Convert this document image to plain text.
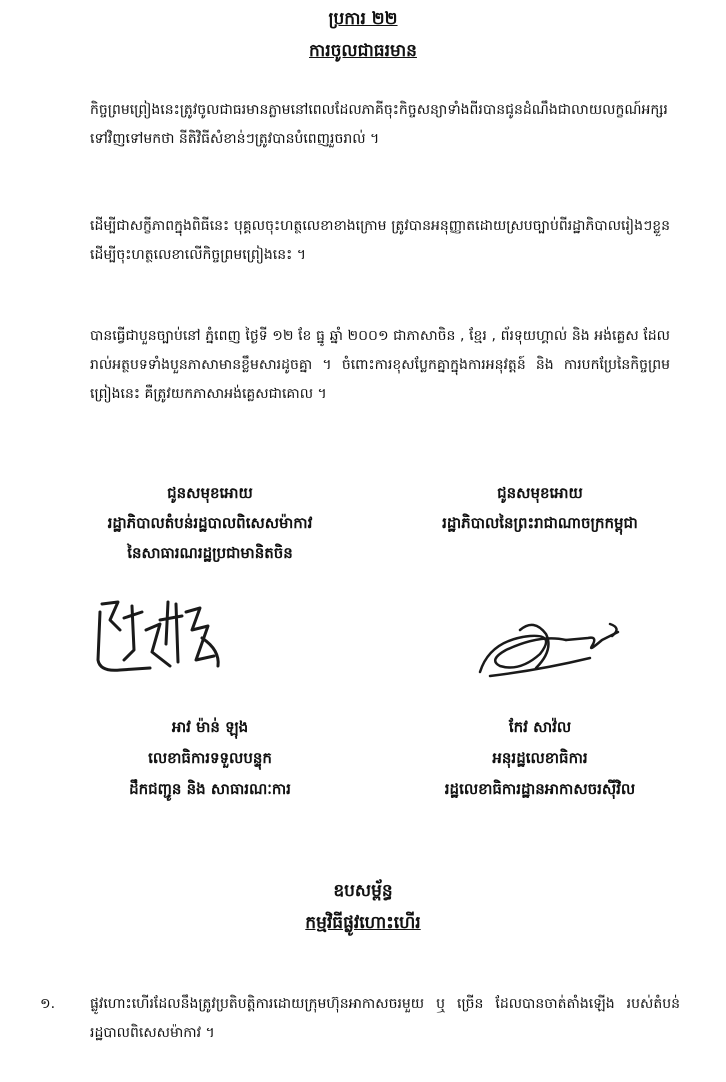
ប្រការ ២២
ការចូលជាធរមាន
កិច្ចព្រមព្រៀងនេះត្រូវចូលជាធរមានភ្លាមនៅពេលដែលភាគីចុះកិច្ចសន្យាទាំងពីរបានជូនដំណឹងជាលាយលក្ខណ៍អក្សរទៅវិញទៅមកថា នីតិវិធីសំខាន់ៗត្រូវបានបំពេញរួចរាល់ ។
ដើម្បីជាសក្ខីភាពក្នុងពិធីនេះ បុគ្គលចុះហត្ថលេខាខាងក្រោម ត្រូវបានអនុញ្ញាតដោយស្របច្បាប់ពីរដ្ឋាភិបាលរៀងៗខ្លួន ដើម្បីចុះហត្ថលេខាលើកិច្ចព្រមព្រៀងនេះ ។
បានធ្វើជាបួនច្បាប់នៅ ភ្នំពេញ ថ្ងៃទី ១២ ខែ ធ្នូ ឆ្នាំ ២០០១ ជាភាសាចិន , ខ្មែរ , ព័រទុយហ្គាល់ និង អង់គ្លេស ដែលរាល់អត្ថបទទាំងបួនភាសាមានខ្លឹមសារដូចគ្នា ។ ចំពោះការខុសប្លែកគ្នាក្នុងការអនុវត្តន៍ និង ការបកប្រែនៃកិច្ចព្រមព្រៀងនេះ គឺត្រូវយកភាសាអង់គ្លេសជាគោល ។
ជូនសមុខអោយ
រដ្ឋាភិបាលតំបន់រដ្ឋបាលពិសេសម៉ាកាវ
នៃសាធារណរដ្ឋប្រជាមានិតចិន
ជូនសមុខអោយ
រដ្ឋាភិបាលនៃព្រះរាជាណាចក្រកម្ពុជា
អាវ ម៉ាន់ ឡុង
លេខាធិការទទួលបន្ទុក
ដឹកជញ្ជូន និង សាធារណៈការ
កែវ សាវ៉ល
អនុរដ្ឋលេខាធិការ
រដ្ឋលេខាធិការដ្ឋានអាកាសចរស៊ីវិល
ឧបសម្ព័ន្ធ
កម្មវិធីផ្លូវហោះហើរ
១. ផ្លូវហោះហើរដែលនឹងត្រូវប្រតិបត្តិការដោយក្រុមហ៊ុនអាកាសចរមួយ ឬ ច្រើន ដែលបានចាត់តាំងឡើង របស់តំបន់រដ្ឋបាលពិសេសម៉ាកាវ ។
